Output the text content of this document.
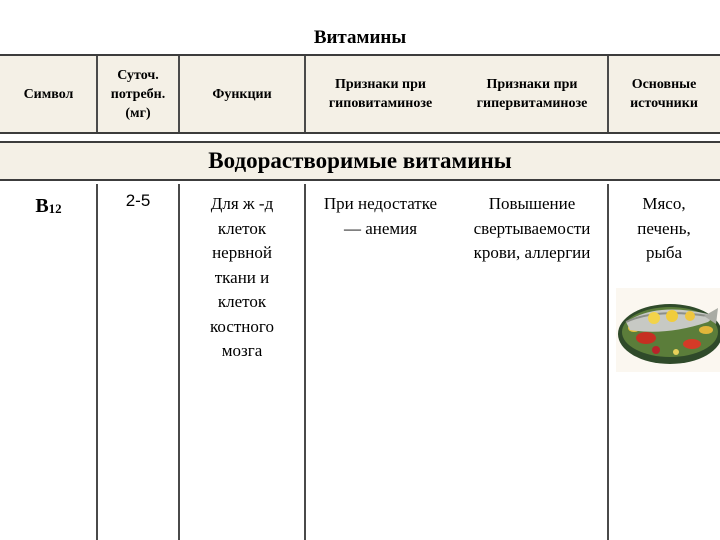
Витамины
Символ
Суточ.
потребн.
(мг)
Функции
Признаки при
гиповитаминозе
Признаки при
гипервитаминозе
Основные
источники
Водорастворимые витамины
$B_{12}$	2-5	Для ж -д
клеток
нервной
ткани и
клеток
костного
мозга
При недостатке
— анемия
Повышение
свертываемости
крови, аллергии
Мясо,
печень,
рыба
